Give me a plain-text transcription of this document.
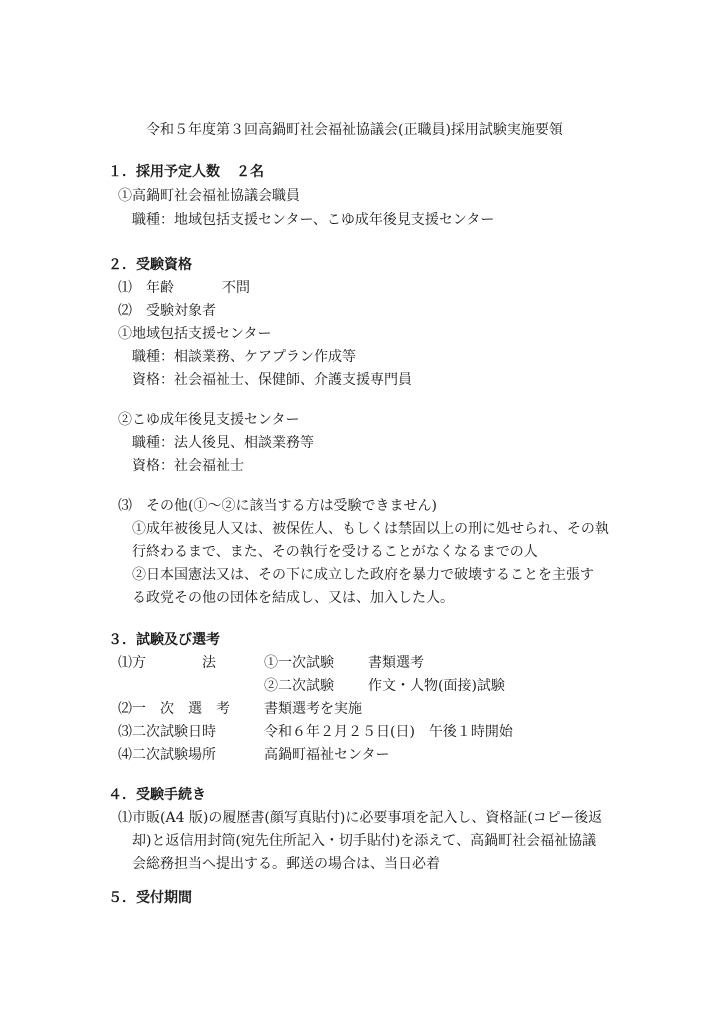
令和５年度第３回高鍋町社会福祉協議会(正職員)採用試験実施要領
１．採用予定人数 ２名
①高鍋町社会福祉協議会職員
職種：地域包括支援センター、こゆ成年後見支援センター
２．受験資格
⑴　年齢	不問
⑵　受験対象者
①地域包括支援センター
職種：相談業務、ケアプラン作成等
資格：社会福祉士、保健師、介護支援専門員
②こゆ成年後見支援センター
職種：法人後見、相談業務等
資格：社会福祉士
⑶　その他(①～②に該当する方は受験できません)
①成年被後見人又は、被保佐人、もしくは禁固以上の刑に処せられ、その執
行終わるまで、また、その執行を受けることがなくなるまでの人
②日本国憲法又は、その下に成立した政府を暴力で破壊することを主張す
る政党その他の団体を結成し、又は、加入した人。
３．試験及び選考
⑴方　　　　法	①一次試験 書類選考
②二次試験 作文・人物(面接)試験
⑵一　次　選　考 書類選考を実施
⑶二次試験日時	令和６年２月２５日(日)　午後１時開始
⑷二次試験場所	高鍋町福祉センター
４．受験手続き
⑴市販(A4 版)の履歴書(顔写真貼付)に必要事項を記入し、資格証(コピー後返
却)と返信用封筒(宛先住所記入・切手貼付)を添えて、高鍋町社会福祉協議
会総務担当へ提出する。郵送の場合は、当日必着
５．受付期間
